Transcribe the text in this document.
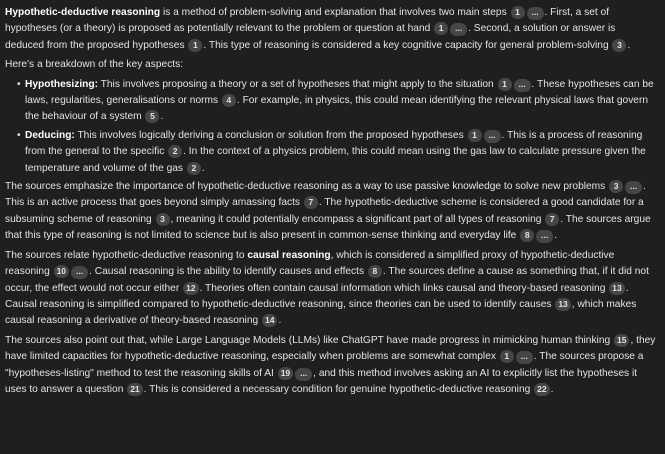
Hypothetic-deductive reasoning is a method of problem-solving and explanation that involves two main steps 1 ... . First, a set of hypotheses (or a theory) is proposed as potentially relevant to the problem or question at hand 1 ... . Second, a solution or answer is deduced from the proposed hypotheses 1 . This type of reasoning is considered a key cognitive capacity for general problem-solving 3 .

Here's a breakdown of the key aspects:

• Hypothesizing: This involves proposing a theory or a set of hypotheses that might apply to the situation 1 ... . These hypotheses can be laws, regularities, generalisations or norms 4 . For example, in physics, this could mean identifying the relevant physical laws that govern the behaviour of a system 5 .
• Deducing: This involves logically deriving a conclusion or solution from the proposed hypotheses 1 ... . This is a process of reasoning from the general to the specific 2 . In the context of a physics problem, this could mean using the gas law to calculate pressure given the temperature and volume of the gas 2 .

The sources emphasize the importance of hypothetic-deductive reasoning as a way to use passive knowledge to solve new problems 3 ... . This is an active process that goes beyond simply amassing facts 7 . The hypothetic-deductive scheme is considered a good candidate for a subsuming scheme of reasoning 3 , meaning it could potentially encompass a significant part of all types of reasoning 7 . The sources argue that this type of reasoning is not limited to science but is also present in common-sense thinking and everyday life 8 ... .

The sources relate hypothetic-deductive reasoning to causal reasoning, which is considered a simplified proxy of hypothetic-deductive reasoning 10 ... . Causal reasoning is the ability to identify causes and effects 8 . The sources define a cause as something that, if it did not occur, the effect would not occur either 12 . Theories often contain causal information which links causal and theory-based reasoning 13 . Causal reasoning is simplified compared to hypothetic-deductive reasoning, since theories can be used to identify causes 13 , which makes causal reasoning a derivative of theory-based reasoning 14 .

The sources also point out that, while Large Language Models (LLMs) like ChatGPT have made progress in mimicking human thinking 15 , they have limited capacities for hypothetic-deductive reasoning, especially when problems are somewhat complex 1 ... . The sources propose a "hypotheses-listing" method to test the reasoning skills of AI 19 ... , and this method involves asking an AI to explicitly list the hypotheses it uses to answer a question 21 . This is considered a necessary condition for genuine hypothetic-deductive reasoning 22 .
